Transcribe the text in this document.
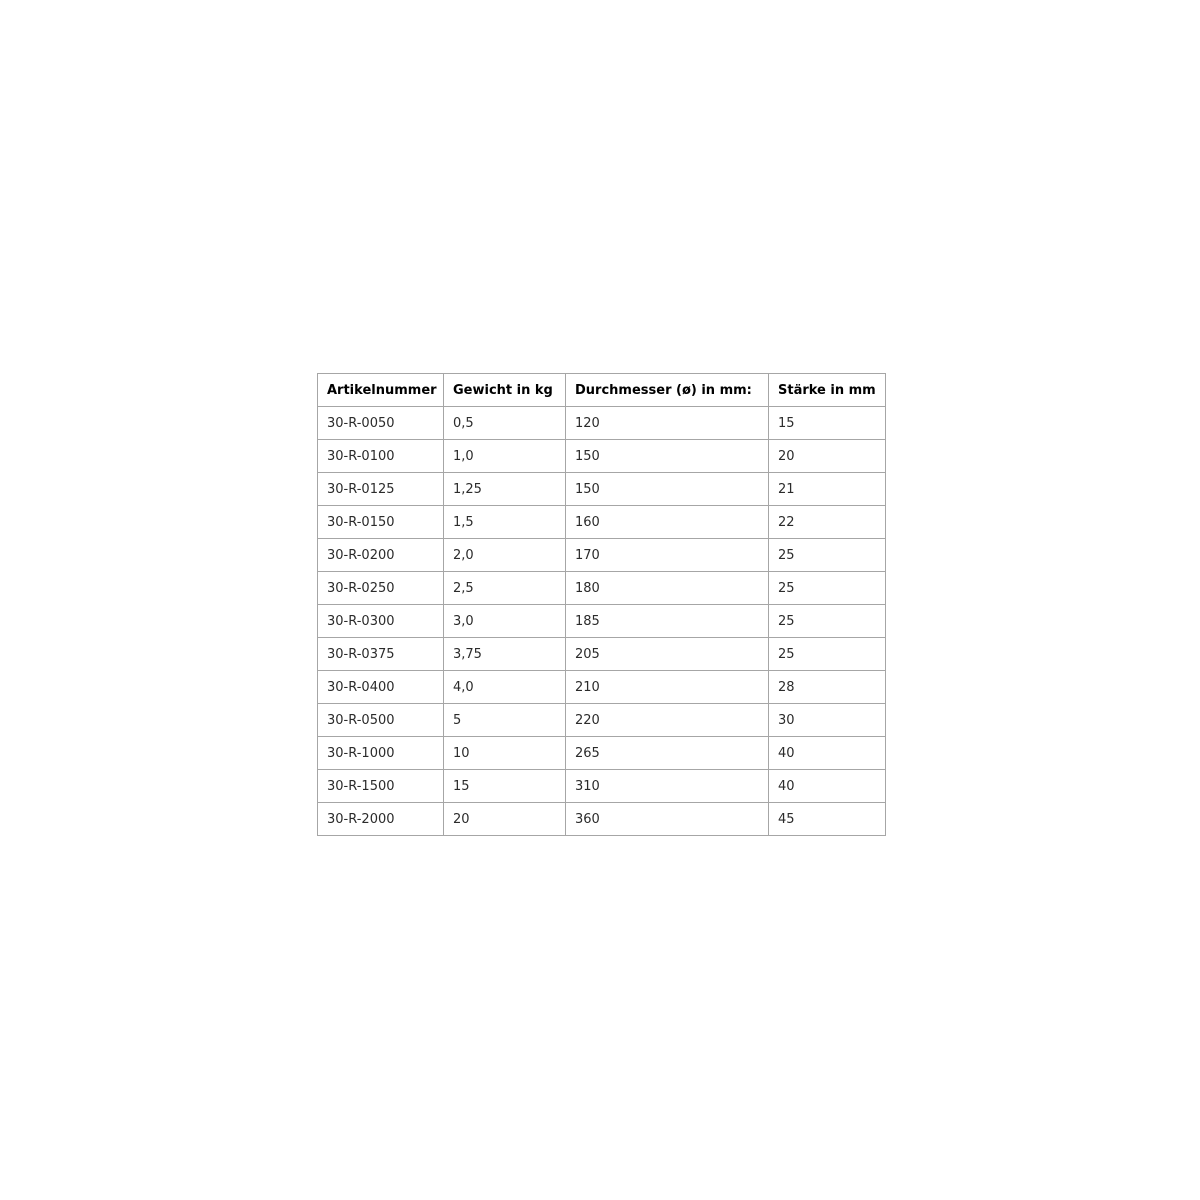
Artikelnummer	Gewicht in kg	Durchmesser (ø) in mm:	Stärke in mm
30-R-0050	0,5	120	15
30-R-0100	1,0	150	20
30-R-0125	1,25	150	21
30-R-0150	1,5	160	22
30-R-0200	2,0	170	25
30-R-0250	2,5	180	25
30-R-0300	3,0	185	25
30-R-0375	3,75	205	25
30-R-0400	4,0	210	28
30-R-0500	5	220	30
30-R-1000	10	265	40
30-R-1500	15	310	40
30-R-2000	20	360	45
